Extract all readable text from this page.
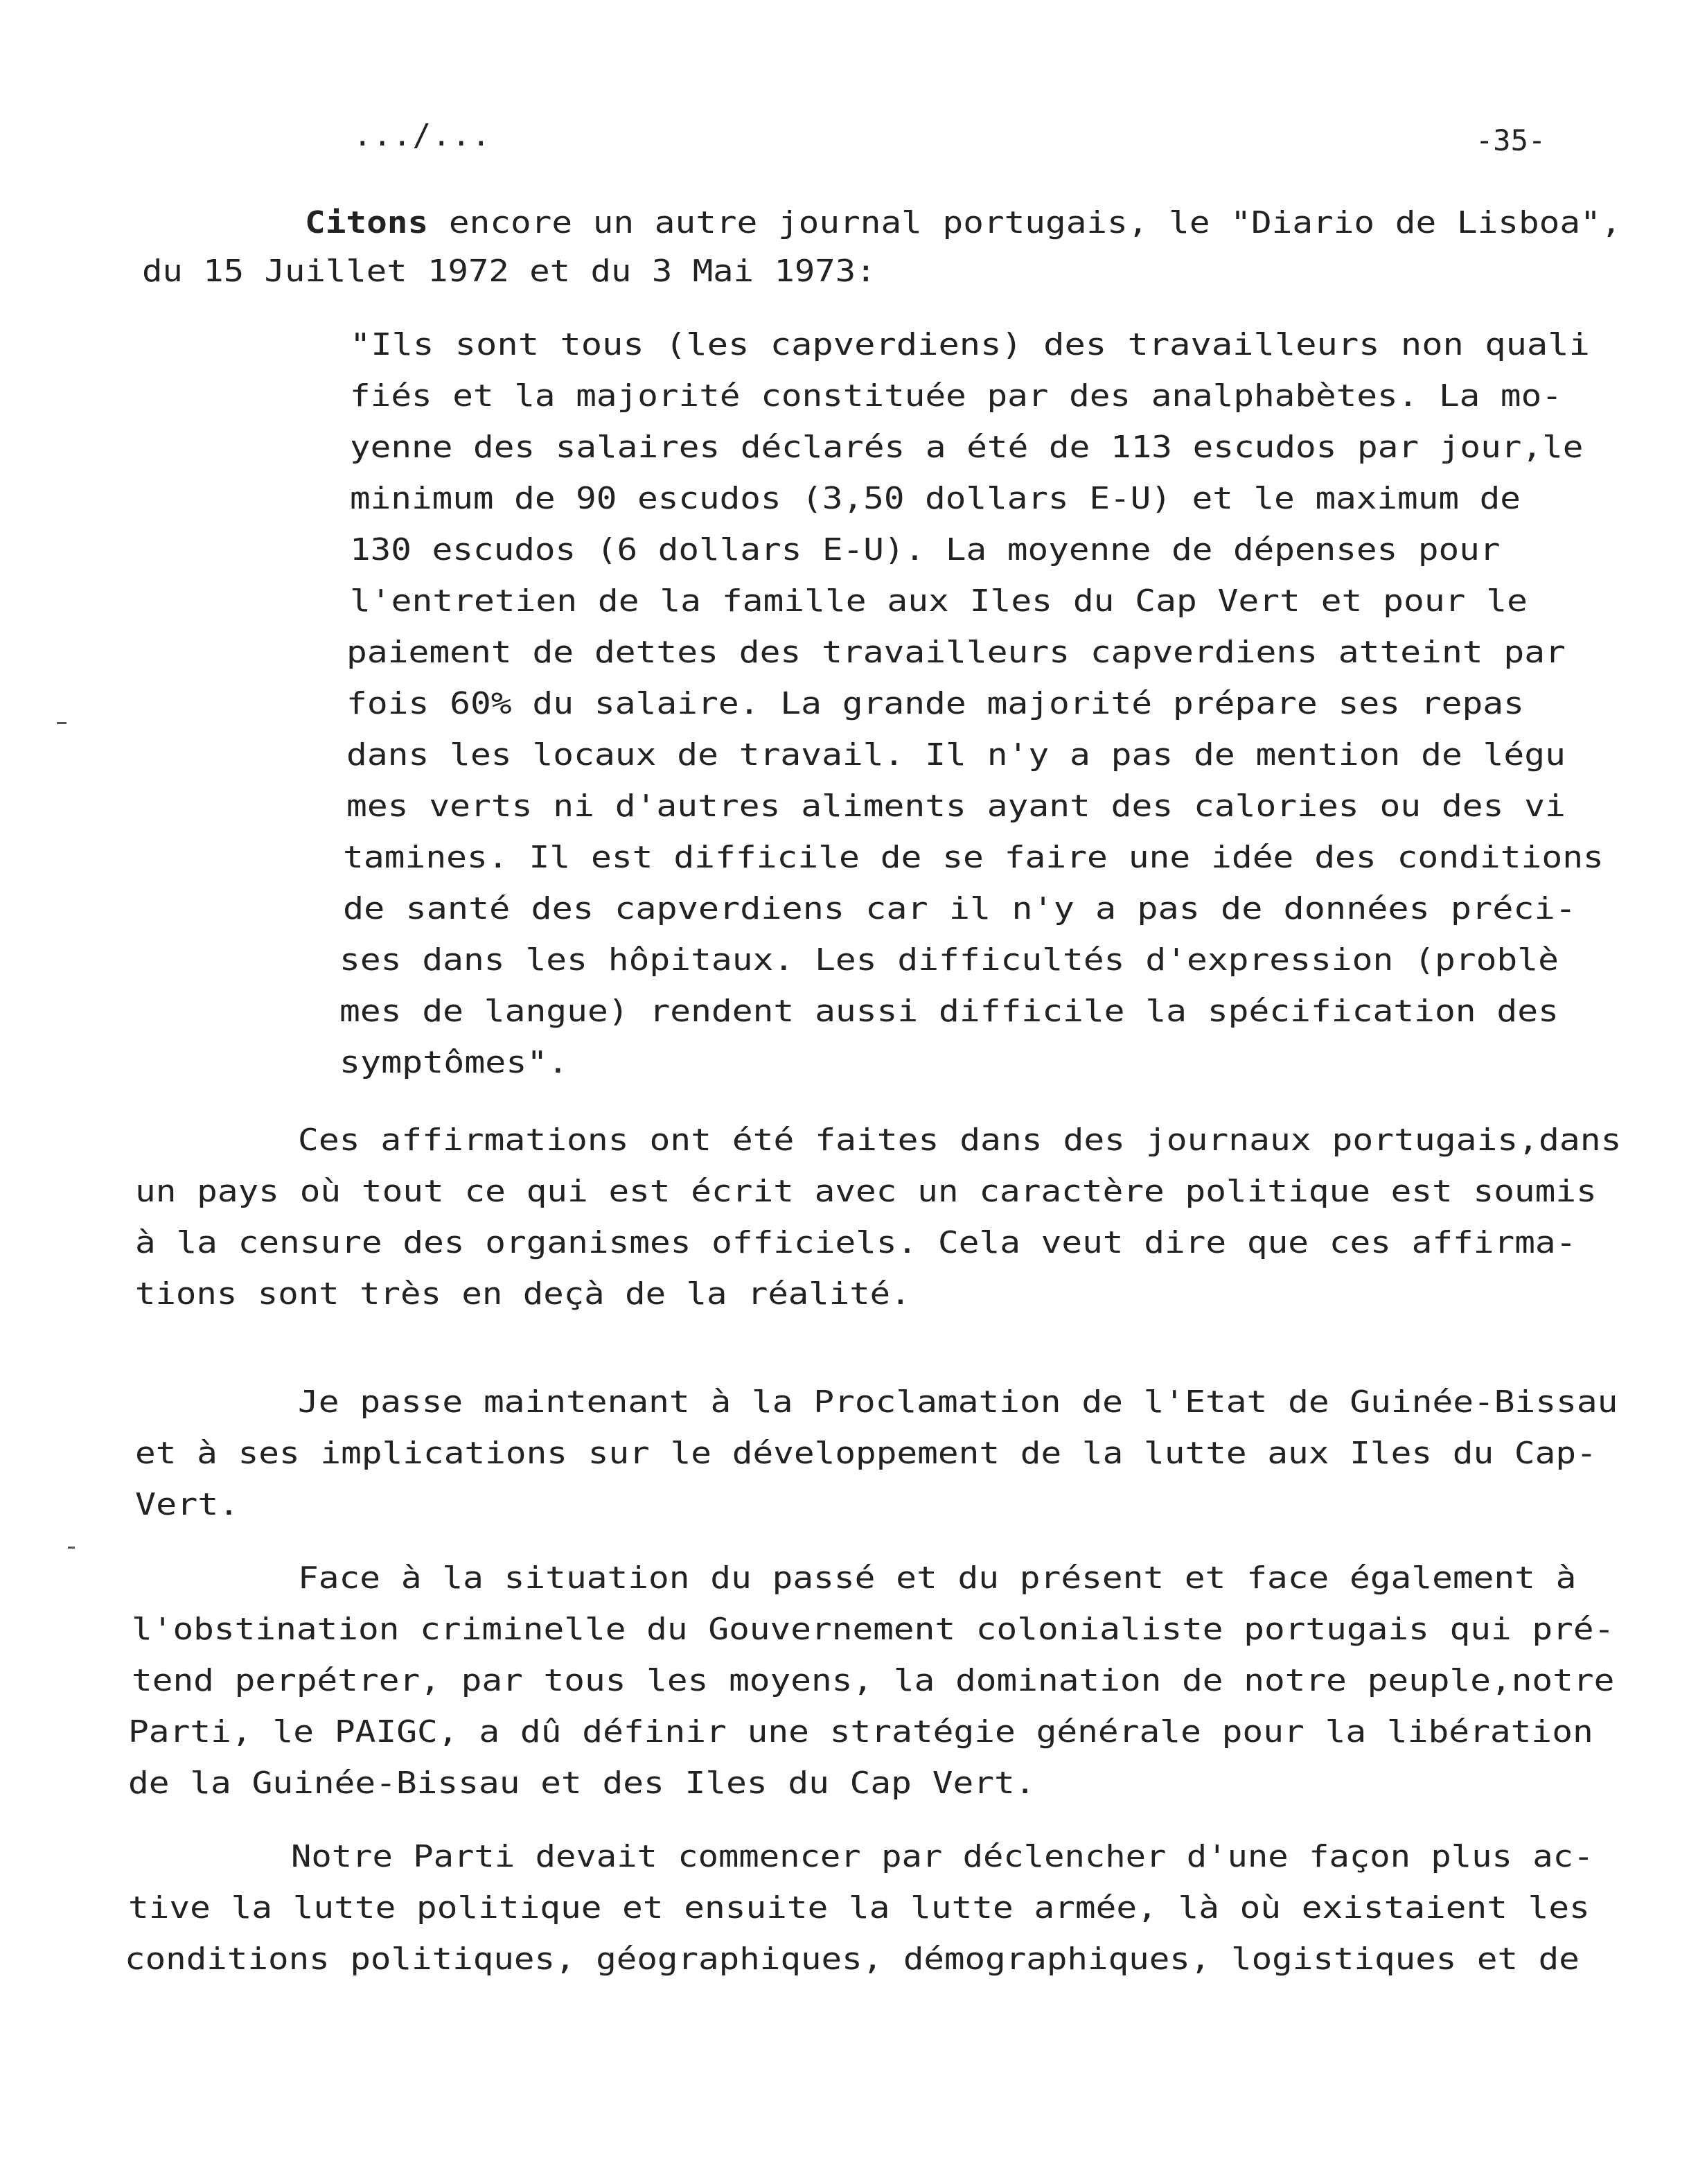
.../...	-35-
Citons encore un autre journal portugais, le "Diario de Lisboa",
du 15 Juillet 1972 et du 3 Mai 1973:
"Ils sont tous (les capverdiens) des travailleurs non quali
fiés et la majorité constituée par des analphabètes. La mo-
yenne des salaires déclarés a été de 113 escudos par jour,le
minimum de 90 escudos (3,50 dollars E-U) et le maximum de
130 escudos (6 dollars E-U). La moyenne de dépenses pour
l'entretien de la famille aux Iles du Cap Vert et pour le
paiement de dettes des travailleurs capverdiens atteint par
fois 60% du salaire. La grande majorité prépare ses repas
dans les locaux de travail. Il n'y a pas de mention de légu
mes verts ni d'autres aliments ayant des calories ou des vi
tamines. Il est difficile de se faire une idée des conditions
de santé des capverdiens car il n'y a pas de données préci-
ses dans les hôpitaux. Les difficultés d'expression (problè
mes de langue) rendent aussi difficile la spécification des
symptômes".
Ces affirmations ont été faites dans des journaux portugais,dans
un pays où tout ce qui est écrit avec un caractère politique est soumis
à la censure des organismes officiels. Cela veut dire que ces affirma-
tions sont très en deçà de la réalité.
Je passe maintenant à la Proclamation de l'Etat de Guinée-Bissau
et à ses implications sur le développement de la lutte aux Iles du Cap-
Vert.
Face à la situation du passé et du présent et face également à
l'obstination criminelle du Gouvernement colonialiste portugais qui pré-
tend perpétrer, par tous les moyens, la domination de notre peuple,notre
Parti, le PAIGC, a dû définir une stratégie générale pour la libération
de la Guinée-Bissau et des Iles du Cap Vert.
Notre Parti devait commencer par déclencher d'une façon plus ac-
tive la lutte politique et ensuite la lutte armée, là où existaient les
conditions politiques, géographiques, démographiques, logistiques et de
